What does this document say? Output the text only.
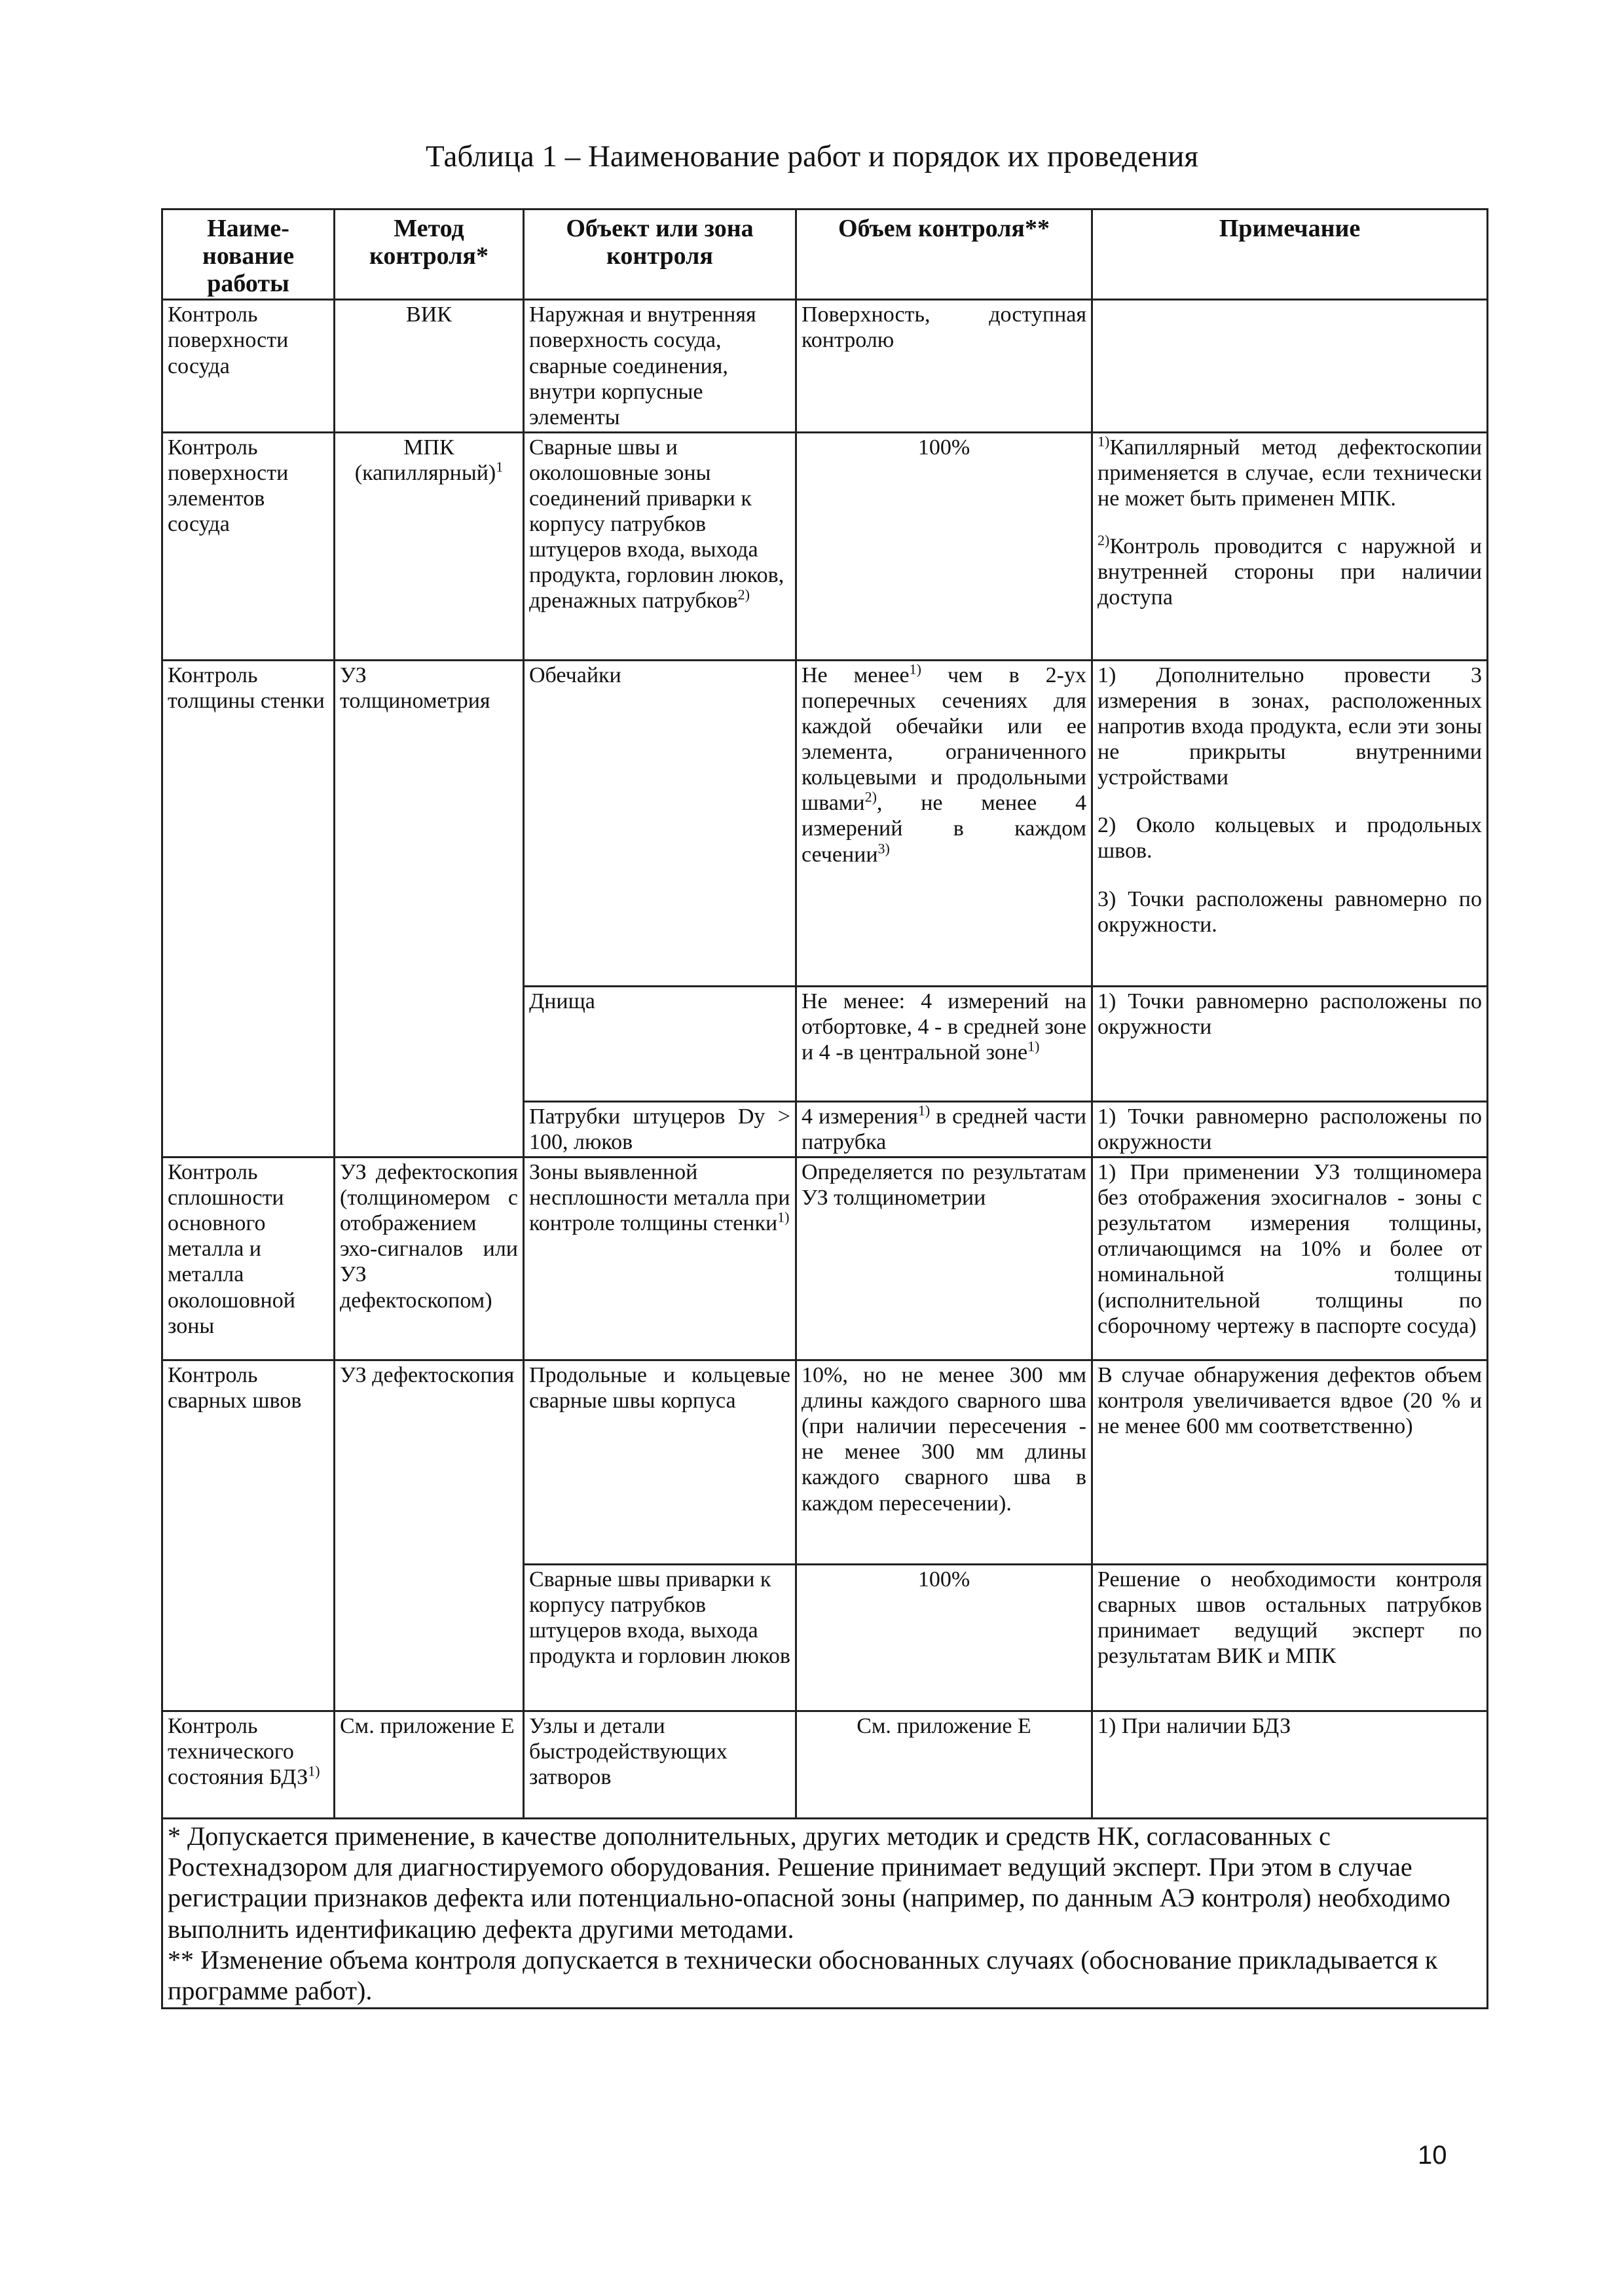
Таблица 1 – Наименование работ и порядок их проведения
Наиме-нование работы	Метод контроля*	Объект или зона контроля	Объем контроля**	Примечание
Контроль поверхности сосуда	ВИК	Наружная и внутренняя поверхность сосуда, сварные соединения, внутри корпусные элементы	Поверхность, доступная контролю	
Контроль поверхности элементов сосуда	МПК (капиллярный)$^1$	Сварные швы и околошовные зоны соединений приварки к корпусу патрубков штуцеров входа, выхода продукта, горловин люков, дренажных патрубков$^{2)}$	100%	$^{1)}$Капиллярный метод дефектоскопии применяется в случае, если технически не может быть применен МПК.
$^{2)}$Контроль проводится с наружной и внутренней стороны при наличии доступа

Контроль толщины стенки	УЗ толщинометрия	Обечайки	Не менее$^{1)}$ чем в 2-ух поперечных сечениях для каждой обечайки или ее элемента, ограниченного кольцевыми и продольными швами$^{2)}$, не менее 4 измерений в каждом сечении$^{3)}$	1) Дополнительно провести 3 измерения в зонах, расположенных напротив входа продукта, если эти зоны не прикрыты внутренними устройствами
2) Около кольцевых и продольных швов.
3) Точки расположены равномерно по окружности.

		Днища	Не менее: 4 измерений на отбортовке, 4 - в средней зоне и 4 -в центральной зоне$^{1)}$	1) Точки равномерно расположены по окружности
		Патрубки штуцеров Dy > 100, люков	4 измерения$^{1)}$ в средней части патрубка	1) Точки равномерно расположены по окружности
Контроль сплошности основного металла и металла околошовной зоны	УЗ дефектоскопия (толщиномером с отображением эхо-сигналов или УЗ дефектоскопом)	Зоны выявленной несплошности металла при контроле толщины стенки$^{1)}$	Определяется по результатам УЗ толщинометрии	1) При применении УЗ толщиномера без отображения эхосигналов - зоны с результатом измерения толщины, отличающимся на 10% и более от номинальной толщины (исполнительной толщины по сборочному чертежу в паспорте сосуда)
Контроль сварных швов	УЗ дефектоскопия	Продольные и кольцевые сварные швы корпуса	10%, но не менее 300 мм длины каждого сварного шва (при наличии пересечения - не менее 300 мм длины каждого сварного шва в каждом пересечении).	В случае обнаружения дефектов объем контроля увеличивается вдвое (20 % и не менее 600 мм соответственно)
		Сварные швы приварки к корпусу патрубков штуцеров входа, выхода продукта и горловин люков	100%	Решение о необходимости контроля сварных швов остальных патрубков принимает ведущий эксперт по результатам ВИК и МПК
Контроль технического состояния БДЗ$^{1)}$	См. приложение Е	Узлы и детали быстродействующих затворов	См. приложение Е	1) При наличии БДЗ

* Допускается применение, в качестве дополнительных, других методик и средств НК, согласованных с Ростехнадзором для диагностируемого оборудования. Решение принимает ведущий эксперт. При этом в случае регистрации признаков дефекта или потенциально-опасной зоны (например, по данным АЭ контроля) необходимо выполнить идентификацию дефекта другими методами.
** Изменение объема контроля допускается в технически обоснованных случаях (обоснование прикладывается к программе работ).				
10
